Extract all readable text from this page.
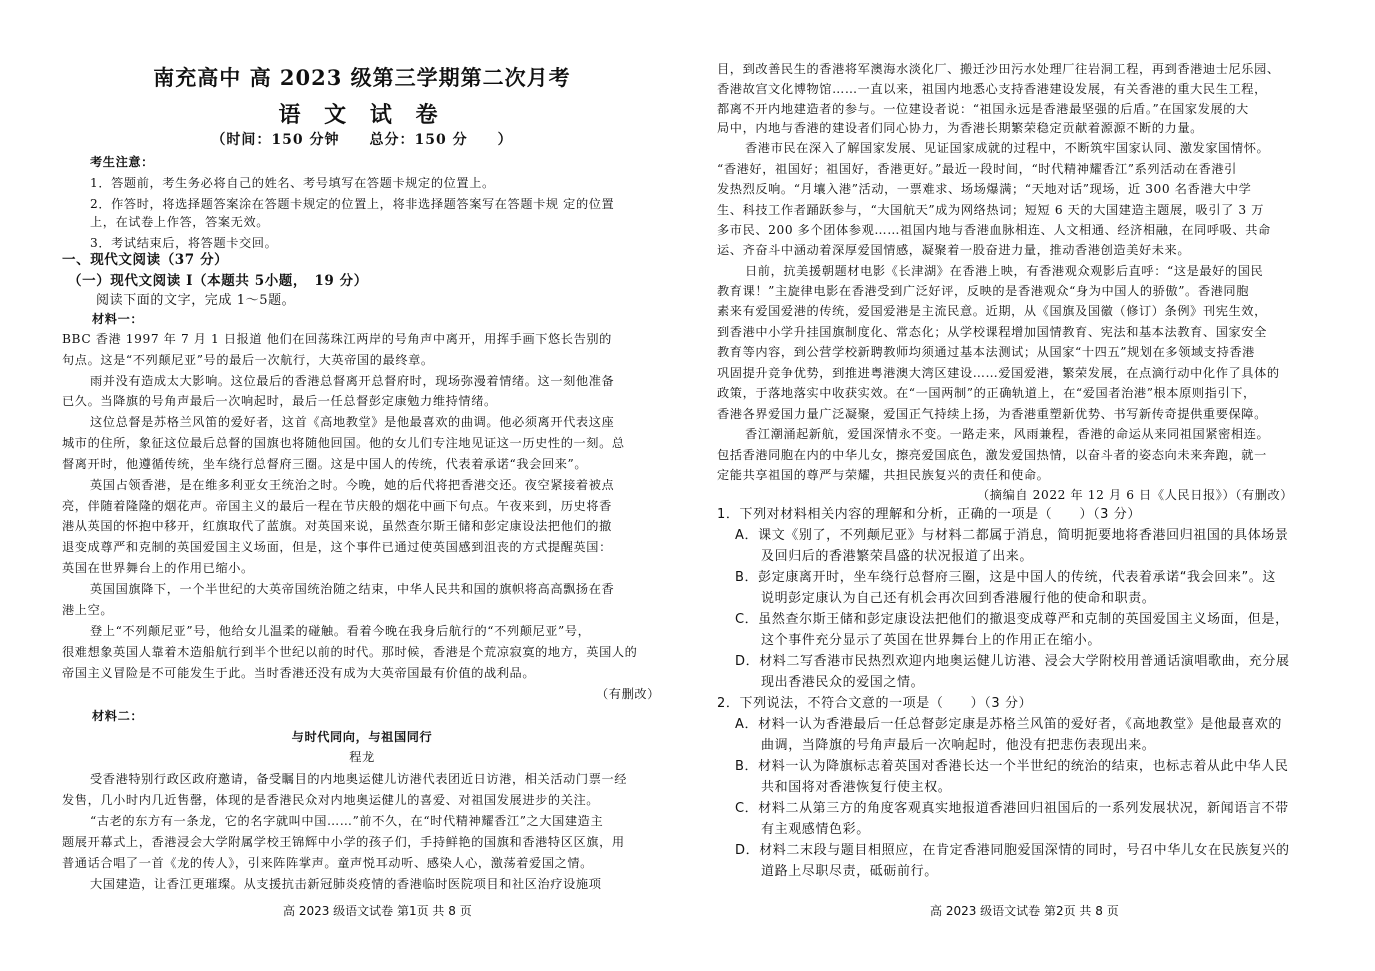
南充高中 高 2023 级第三学期第二次月考
语 文 试 卷
（时间：150 分钟　　总分：150 分　　）
考生注意：
1．答题前，考生务必将自己的姓名、考号填写在答题卡规定的位置上。
2．作答时，将选择题答案涂在答题卡规定的位置上，将非选择题答案写在答题卡规 定的位置
上，在试卷上作答，答案无效。
3．考试结束后，将答题卡交回。
一、现代文阅读（37 分）
（一）现代文阅读 Ⅰ（本题共 5小题，　19 分）
阅读下面的文字，完成 1～5题。
材料一：
BBC 香港 1997 年 7 月 1 日报道 他们在回荡珠江两岸的号角声中离开，用挥手画下悠长告别的
句点。这是“不列颠尼亚”号的最后一次航行，大英帝国的最终章。
雨并没有造成太大影响。这位最后的香港总督离开总督府时，现场弥漫着情绪。这一刻他准备
已久。当降旗的号角声最后一次响起时，最后一任总督彭定康勉力维持情绪。
这位总督是苏格兰风笛的爱好者，这首《高地教堂》是他最喜欢的曲调。他必须离开代表这座
城市的住所，象征这位最后总督的国旗也将随他回国。他的女儿们专注地见证这一历史性的一刻。总
督离开时，他遵循传统，坐车绕行总督府三圈。这是中国人的传统，代表着承诺“我会回来”。
英国占领香港，是在维多利亚女王统治之时。今晚，她的后代将把香港交还。夜空紧接着被点
亮，伴随着隆隆的烟花声。帝国主义的最后一程在节庆般的烟花中画下句点。午夜来到，历史将香
港从英国的怀抱中移开，红旗取代了蓝旗。对英国来说，虽然查尔斯王储和彭定康设法把他们的撤
退变成尊严和克制的英国爱国主义场面，但是，这个事件已通过使英国感到沮丧的方式提醒英国：
英国在世界舞台上的作用已缩小。
英国国旗降下，一个半世纪的大英帝国统治随之结束，中华人民共和国的旗帜将高高飘扬在香
港上空。
登上“不列颠尼亚”号，他给女儿温柔的碰触。看着今晚在我身后航行的“不列颠尼亚”号，
很难想象英国人靠着木造船航行到半个世纪以前的时代。那时候，香港是个荒凉寂寞的地方，英国人的
帝国主义冒险是不可能发生于此。当时香港还没有成为大英帝国最有价值的战利品。
（有删改）
材料二：
与时代同向，与祖国同行
程龙
受香港特别行政区政府邀请，备受瞩目的内地奥运健儿访港代表团近日访港，相关活动门票一经
发售，几小时内几近售罄，体现的是香港民众对内地奥运健儿的喜爱、对祖国发展进步的关注。
“古老的东方有一条龙，它的名字就叫中国……”前不久，在“时代精神耀香江”之大国建造主
题展开幕式上，香港浸会大学附属学校王锦辉中小学的孩子们，手持鲜艳的国旗和香港特区区旗，用
普通话合唱了一首《龙的传人》，引来阵阵掌声。童声悦耳动听、感染人心，激荡着爱国之情。
大国建造，让香江更璀璨。从支援抗击新冠肺炎疫情的香港临时医院项目和社区治疗设施项
高 2023 级语文试卷 第1页 共 8 页
目，到改善民生的香港将军澳海水淡化厂、搬迁沙田污水处理厂往岩洞工程，再到香港迪士尼乐园、
香港故宫文化博物馆……一直以来，祖国内地悉心支持香港建设发展，有关香港的重大民生工程，
都离不开内地建造者的参与。一位建设者说：“祖国永远是香港最坚强的后盾。”在国家发展的大
局中，内地与香港的建设者们同心协力，为香港长期繁荣稳定贡献着源源不断的力量。
香港市民在深入了解国家发展、见证国家成就的过程中，不断筑牢国家认同、激发家国情怀。
“香港好，祖国好；祖国好，香港更好。”最近一段时间，“时代精神耀香江”系列活动在香港引
发热烈反响。“月壤入港”活动，一票难求、场场爆满；“天地对话”现场，近 300 名香港大中学
生、科技工作者踊跃参与，“大国航天”成为网络热词；短短 6 天的大国建造主题展，吸引了 3 万
多市民、200 多个团体参观……祖国内地与香港血脉相连、人文相通、经济相融，在同呼吸、共命
运、齐奋斗中涵动着深厚爱国情感，凝聚着一股奋进力量，推动香港创造美好未来。
日前，抗美援朝题材电影《长津湖》在香港上映，有香港观众观影后直呼：“这是最好的国民
教育课！”主旋律电影在香港受到广泛好评，反映的是香港观众“身为中国人的骄傲”。香港同胞
素来有爱国爱港的传统，爱国爱港是主流民意。近期，从《国旗及国徽（修订）条例》刊宪生效，
到香港中小学升挂国旗制度化、常态化；从学校课程增加国情教育、宪法和基本法教育、国家安全
教育等内容，到公营学校新聘教师均须通过基本法测试；从国家“十四五”规划在多领域支持香港
巩固提升竞争优势，到推进粤港澳大湾区建设……爱国爱港，繁荣发展，在点滴行动中化作了具体的
政策，于落地落实中收获实效。在“一国两制”的正确轨道上，在“爱国者治港”根本原则指引下，
香港各界爱国力量广泛凝聚，爱国正气持续上扬，为香港重塑新优势、书写新传奇提供重要保障。
香江潮涌起新航，爱国深情永不变。一路走来，风雨兼程，香港的命运从来同祖国紧密相连。
包括香港同胞在内的中华儿女，擦亮爱国底色，激发爱国热情，以奋斗者的姿态向未来奔跑，就一
定能共享祖国的尊严与荣耀，共担民族复兴的责任和使命。
（摘编自 2022 年 12 月 6 日《人民日报》）（有删改）
1．下列对材料相关内容的理解和分析，正确的一项是（　　）（3 分）
A．课文《别了，不列颠尼亚》与材料二都属于消息，简明扼要地将香港回归祖国的具体场景
及回归后的香港繁荣昌盛的状况报道了出来。
B．彭定康离开时，坐车绕行总督府三圈，这是中国人的传统，代表着承诺“我会回来”。这
说明彭定康认为自己还有机会再次回到香港履行他的使命和职责。
C．虽然查尔斯王储和彭定康设法把他们的撤退变成尊严和克制的英国爱国主义场面，但是，
这个事件充分显示了英国在世界舞台上的作用正在缩小。
D．材料二写香港市民热烈欢迎内地奥运健儿访港、浸会大学附校用普通话演唱歌曲，充分展
现出香港民众的爱国之情。
2．下列说法，不符合文意的一项是（　　）（3 分）
A．材料一认为香港最后一任总督彭定康是苏格兰风笛的爱好者，《高地教堂》是他最喜欢的
曲调，当降旗的号角声最后一次响起时，他没有把悲伤表现出来。
B．材料一认为降旗标志着英国对香港长达一个半世纪的统治的结束，也标志着从此中华人民
共和国将对香港恢复行使主权。
C．材料二从第三方的角度客观真实地报道香港回归祖国后的一系列发展状况，新闻语言不带
有主观感情色彩。
D．材料二末段与题目相照应，在肯定香港同胞爱国深情的同时，号召中华儿女在民族复兴的
道路上尽职尽责，砥砺前行。
高 2023 级语文试卷 第2页 共 8 页
